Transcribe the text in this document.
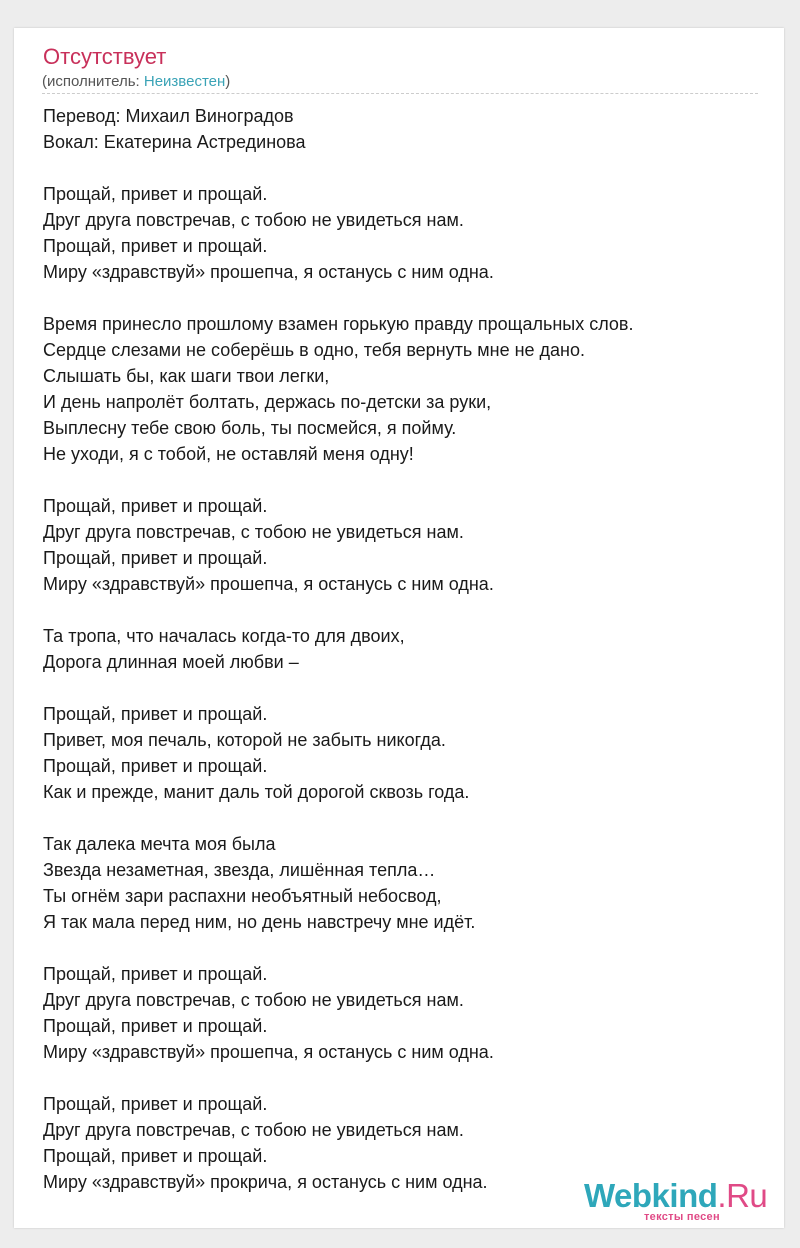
Отсутствует
(исполнитель: Неизвестен)
Перевод: Михаил Виноградов
Вокал: Екатерина Астрединова
Прощай, привет и прощай.
Друг друга повстречав, с тобою не увидеться нам.
Прощай, привет и прощай.
Миру «здравствуй» прошепча, я останусь с ним одна.
Время принесло прошлому взамен горькую правду прощальных слов.
Сердце слезами не соберёшь в одно, тебя вернуть мне не дано.
Слышать бы, как шаги твои легки,
И день напролёт болтать, держась по-детски за руки,
Выплесну тебе свою боль, ты посмейся, я пойму.
Не уходи, я с тобой, не оставляй меня одну!
Прощай, привет и прощай.
Друг друга повстречав, с тобою не увидеться нам.
Прощай, привет и прощай.
Миру «здравствуй» прошепча, я останусь с ним одна.
Та тропа, что началась когда-то для двоих,
Дорога длинная моей любви –
Прощай, привет и прощай.
Привет, моя печаль, которой не забыть никогда.
Прощай, привет и прощай.
Как и прежде, манит даль той дорогой сквозь года.
Так далека мечта моя была
Звезда незаметная, звезда, лишённая тепла…
Ты огнём зари распахни необъятный небосвод,
Я так мала перед ним, но день навстречу мне идёт.
Прощай, привет и прощай.
Друг друга повстречав, с тобою не увидеться нам.
Прощай, привет и прощай.
Миру «здравствуй» прошепча, я останусь с ним одна.
Прощай, привет и прощай.
Друг друга повстречав, с тобою не увидеться нам.
Прощай, привет и прощай.
Миру «здравствуй» прокрича, я останусь с ним одна.	Webkind.Ru
тексты песен
